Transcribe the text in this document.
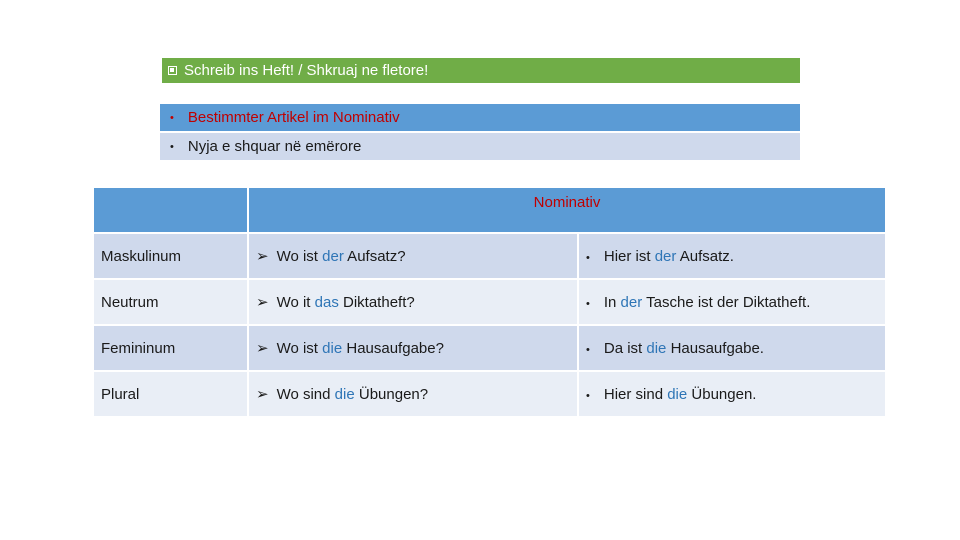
Schreib ins Heft! / Shkruaj ne fletore!
• Bestimmter Artikel im Nominativ
• Nyja e shquar në emërore
	Nominativ	
Maskulinum	➢ Wo ist der Aufsatz?	• Hier ist der Aufsatz.
Neutrum	➢ Wo it das Diktatheft?	• In der Tasche ist der Diktatheft.
Femininum	➢ Wo ist die Hausaufgabe?	• Da ist die Hausaufgabe.
Plural	➢ Wo sind die Übungen?	• Hier sind die Übungen.
